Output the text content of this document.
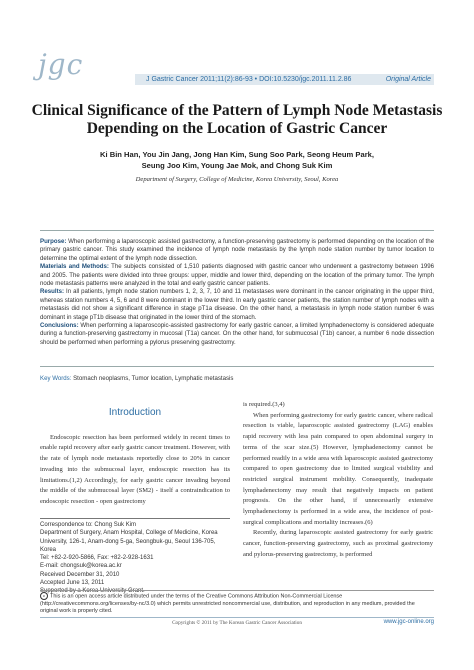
jgc	J Gastric Cancer 2011;11(2):86-93 • DOI:10.5230/jgc.2011.11.2.86	Original Article
Clinical Significance of the Pattern of Lymph Node Metastasis
Depending on the Location of Gastric Cancer
Ki Bin Han, You Jin Jang, Jong Han Kim, Sung Soo Park, Seong Heum Park,
Seung Joo Kim, Young Jae Mok, and Chong Suk Kim
Department of Surgery, College of Medicine, Korea University, Seoul, Korea

Purpose: When performing a laparoscopic assisted gastrectomy, a function-preserving gastrectomy is performed depending on the location of the primary gastric cancer. This study examined the incidence of lymph node metastasis by the lymph node station number by tumor location to determine the optimal extent of the lymph node dissection.

Materials and Methods: The subjects consisted of 1,510 patients diagnosed with gastric cancer who underwent a gastrectomy between 1996 and 2005. The patients were divided into three groups: upper, middle and lower third, depending on the location of the primary tumor. The lymph node metastasis patterns were analyzed in the total and early gastric cancer patients.

Results: In all patients, lymph node station numbers 1, 2, 3, 7, 10 and 11 metastases were dominant in the cancer originating in the upper third, whereas station numbers 4, 5, 6 and 8 were dominant in the lower third. In early gastric cancer patients, the station number of lymph nodes with a metastasis did not show a significant difference in stage pT1a disease. On the other hand, a metastasis in lymph node station number 6 was dominant in stage pT1b disease that originated in the lower third of the stomach.

Conclusions: When performing a laparoscopic-assisted gastrectomy for early gastric cancer, a limited lymphadenectomy is considered adequate during a function-preserving gastrectomy in mucosal (T1a) cancer. On the other hand, for submucosal (T1b) cancer, a number 6 node dissection should be performed when performing a pylorus preserving gastrectomy.

Key Words: Stomach neoplasms, Tumor location, Lymphatic metastasis
Introduction

Endoscopic resection has been performed widely in recent times to enable rapid recovery after early gastric cancer treatment. However, with the rate of lymph node metastasis reportedly close to 20% in cancer invading into the submucosal layer, endoscopic resection has its limitations.(1,2) Accordingly, for early gastric cancer invading beyond the middle of the submucosal layer (SM2) - itself a contraindication to endoscopic resection - open gastrectomy

Correspondence to: Chong Suk Kim
Department of Surgery, Anam Hospital, College of Medicine, Korea
University, 126-1, Anam-dong 5-ga, Seongbuk-gu, Seoul 136-705, Korea
Tel: +82-2-920-5866, Fax: +82-2-928-1631
E-mail: chongsuk@korea.ac.kr
Received December 31, 2010
Accepted June 13, 2011
Supported by a Korea University Grant.

is required.(3,4)

When performing gastrectomy for early gastric cancer, where radical resection is viable, laparoscopic assisted gastrectomy (LAG) enables rapid recovery with less pain compared to open abdominal surgery in terms of the scar size.(5) However, lymphadenectomy cannot be performed readily in a wide area with laparoscopic assisted gastrectomy compared to open gastrectomy due to limited surgical visibility and restricted surgical instrument mobility. Consequently, inadequate lymphadenectomy may result that negatively impacts on patient prognosis. On the other hand, if unnecessarily extensive lymphadenectomy is performed in a wide area, the incidence of post-surgical complications and mortality increases.(6)

Recently, during laparoscopic assisted gastrectomy for early gastric cancer, function-preserving gastrectomy, such as proximal gastrectomy and pylorus-preserving gastrectomy, is performed

c This is an open access article distributed under the terms of the Creative Commons Attribution Non-Commercial License (http://creativecommons.org/licenses/by-nc/3.0) which permits unrestricted noncommercial use, distribution, and reproduction in any medium, provided the original work is properly cited.
Copyrights © 2011 by The Korean Gastric Cancer Association	www.jgc-online.org
